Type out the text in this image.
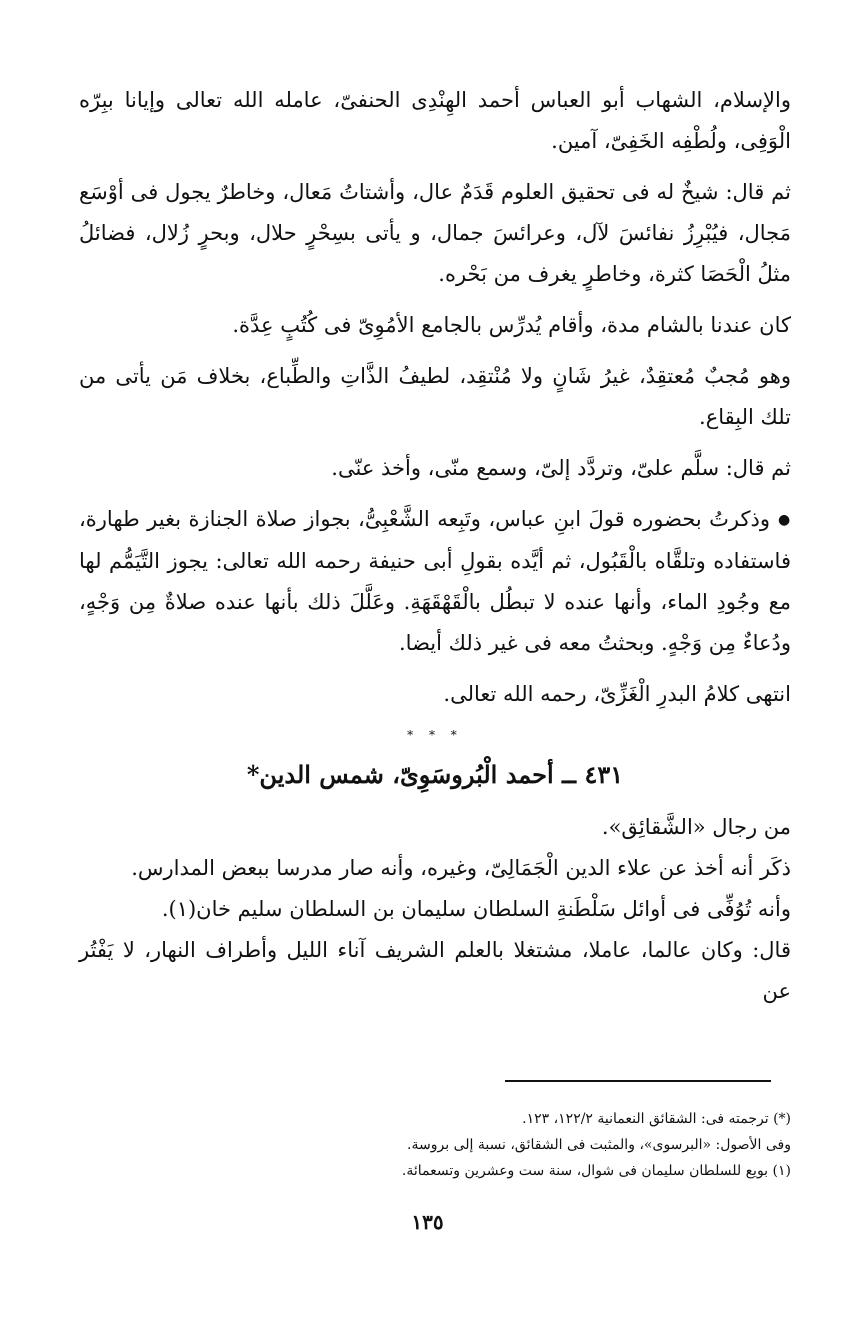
والإسلام، الشهاب أبو العباس أحمد الهِنْدِى الحنفىّ، عامله الله تعالى وإيانا ببِرّه الْوَفِى، ولُطْفِه الخَفِىّ، آمين.

ثم قال: شيخٌ له فى تحقيق العلوم قَدَمٌ عال، وأشتاتُ مَعال، وخاطرٌ يجول فى أوْسَع مَجال، فيُبْرِزُ نفائسَ لآل، وعرائسَ جمال، و يأتى بسِحْرٍ حلال، وبحرٍ زُلال، فضائلُ مثلُ الْحَصَا كثرة، وخاطرٍ يغرف من بَحْره.

كان عندنا بالشام مدة، وأقام يُدرِّس بالجامع الأمُوِىّ فى كُتُبٍ عِدَّة.

وهو مُجبٌ مُعتقِدٌ، غيرُ شَانٍ ولا مُنْتقِد، لطيفُ الذَّاتِ والطِّباع، بخلاف مَن يأتى من تلك البِقاع.

ثم قال: سلَّم علىّ، وتردَّد إلىّ، وسمع منّى، وأخذ عنّى.

●وذكرتُ بحضوره قولَ ابنِ عباس، وتَبِعه الشَّعْبِىُّ، بجواز صلاة الجنازة بغير طهارة، فاستفاده وتلقَّاه بالْقَبُول، ثم أيَّده بقولِ أبى حنيفة رحمه الله تعالى: يجوز التَّيَمُّم لها مع وجُودِ الماء، وأنها عنده لا تبطُل بالْقَهْقَهَةِ. وعَلَّلَ ذلك بأنها عنده صلاةٌ مِن وَجْهٍ، ودُعاءٌ مِن وَجْهٍ. وبحثتُ معه فى غير ذلك أيضا.

انتهى كلامُ البدرِ الْغَزِّىّ، رحمه الله تعالى.

* * *
٤٣١ ــ أحمد الْبُروسَوِىّ، شمس الدين*

من رجال «الشَّقائِق».

ذكَر أنه أخذ عن علاء الدين الْجَمَالِىّ، وغيره، وأنه صار مدرسا ببعض المدارس.

وأنه تُوُفِّى فى أوائل سَلْطَنةِ السلطان سليمان بن السلطان سليم خان(١).

قال: وكان عالما، عاملا، مشتغلا بالعلم الشريف آناء الليل وأطراف النهار، لا يَفْتُر عن

(*) ترجمته فى: الشقائق النعمانية ١٢٢/٢، ١٢٣.
وفى الأصول: «البرسوى»، والمثبت فى الشقائق، نسبة إلى بروسة.
(١) بويع للسلطان سليمان فى شوال، سنة ست وعشرين وتسعمائة.
١٣٥
